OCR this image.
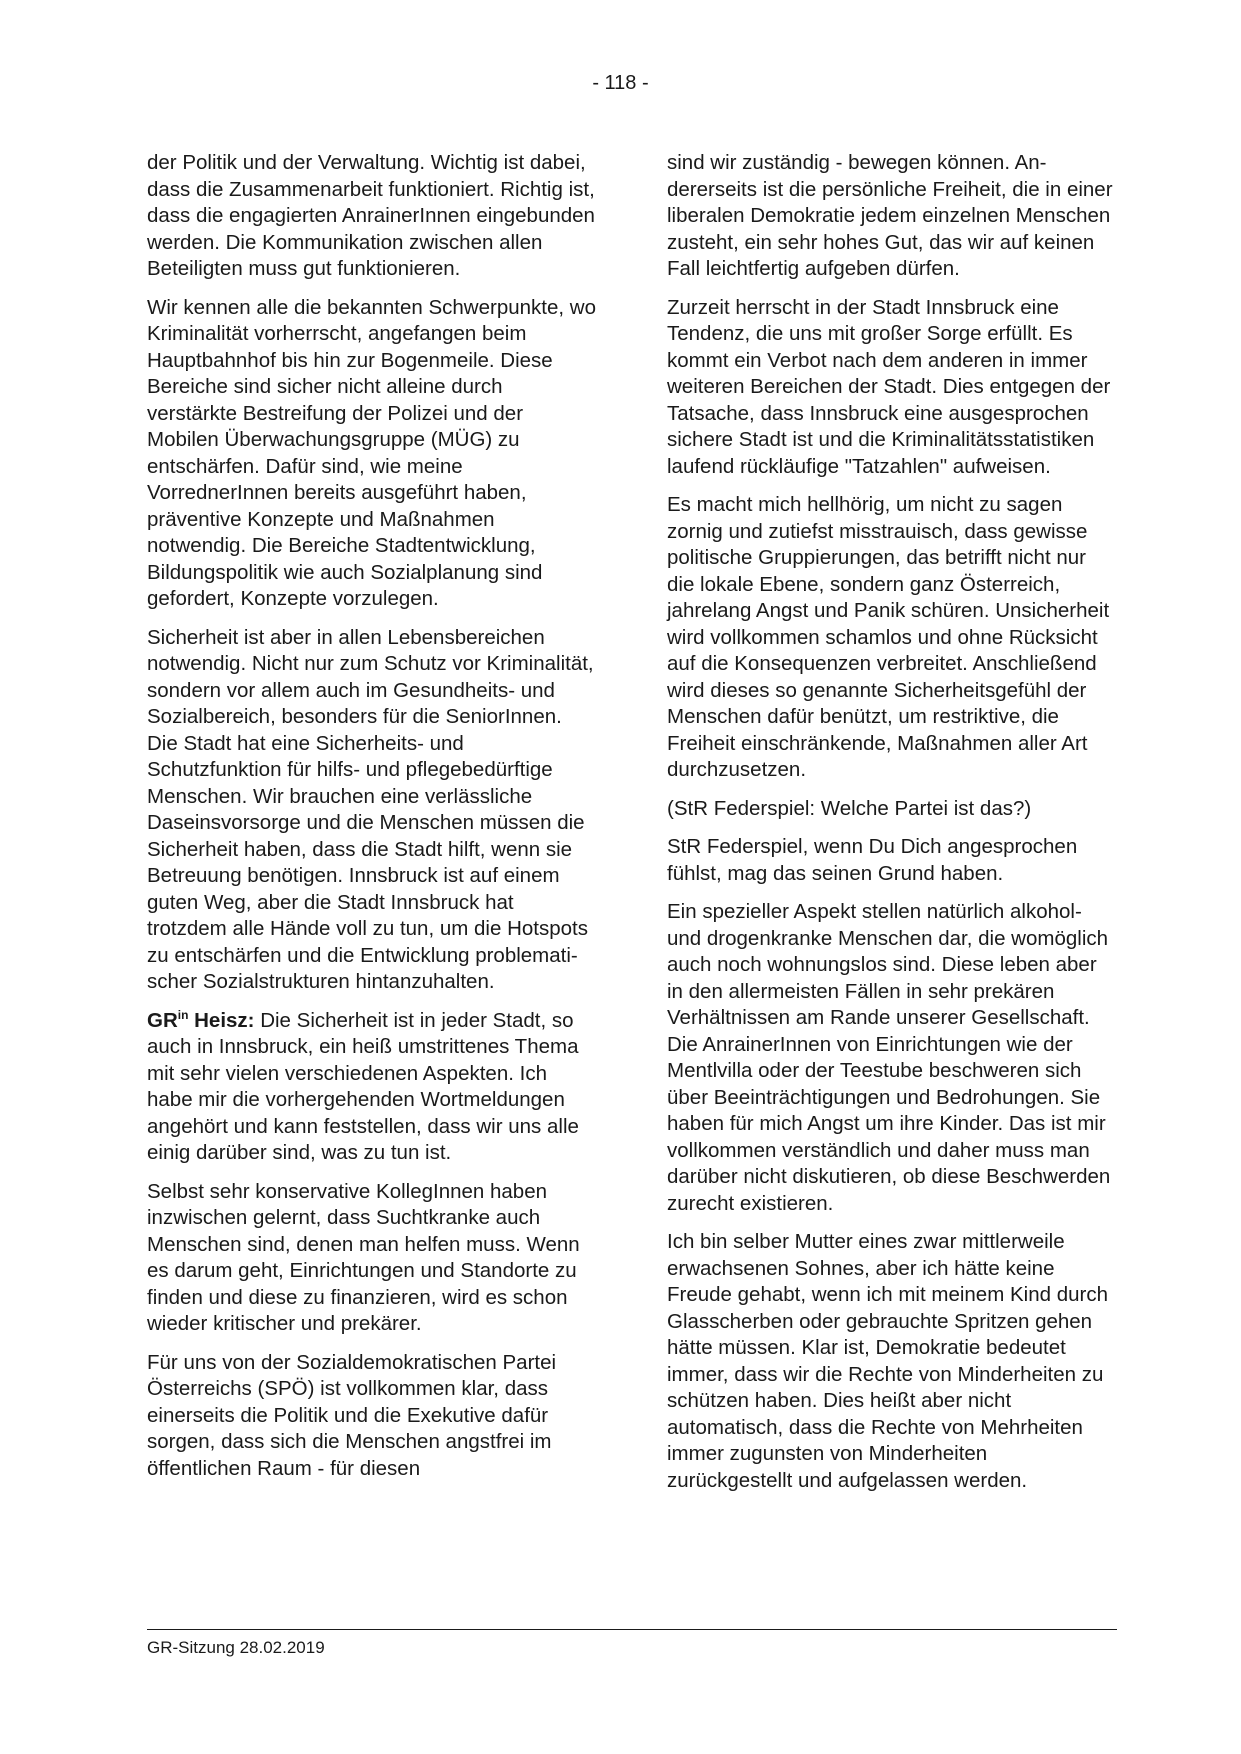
- 118 -

der Politik und der Verwaltung. Wichtig ist dabei, dass die Zusammenarbeit funktioniert. Richtig ist, dass die engagierten AnrainerInnen eingebunden werden. Die Kommunikation zwischen allen Beteiligten muss gut funktionieren.

Wir kennen alle die bekannten Schwerpunkte, wo Kriminalität vorherrscht, angefangen beim Hauptbahnhof bis hin zur Bogenmeile. Diese Bereiche sind sicher nicht alleine durch verstärkte Bestreifung der Polizei und der Mobilen Überwachungsgruppe (MÜG) zu entschärfen. Dafür sind, wie meine VorrednerInnen bereits ausgeführt haben, präventive Konzepte und Maßnahmen notwendig. Die Bereiche Stadtentwicklung, Bildungspolitik wie auch Sozialplanung sind gefordert, Konzepte vorzulegen.

Sicherheit ist aber in allen Lebensbereichen notwendig. Nicht nur zum Schutz vor Kriminalität, sondern vor allem auch im Gesundheits- und Sozialbereich, besonders für die SeniorInnen. Die Stadt hat eine Sicherheits- und Schutzfunktion für hilfs- und pflegebedürftige Menschen. Wir brauchen eine verlässliche Daseinsvorsorge und die Menschen müssen die Sicherheit haben, dass die Stadt hilft, wenn sie Betreuung benötigen. Innsbruck ist auf einem guten Weg, aber die Stadt Innsbruck hat trotzdem alle Hände voll zu tun, um die Hotspots zu entschärfen und die Entwicklung problematischer Sozialstrukturen hintanzuhalten.

$GR^{in}$ Heisz: Die Sicherheit ist in jeder Stadt, so auch in Innsbruck, ein heiß umstrittenes Thema mit sehr vielen verschiedenen Aspekten. Ich habe mir die vorhergehenden Wortmeldungen angehört und kann feststellen, dass wir uns alle einig darüber sind, was zu tun ist.

Selbst sehr konservative KollegInnen haben inzwischen gelernt, dass Suchtkranke auch Menschen sind, denen man helfen muss. Wenn es darum geht, Einrichtungen und Standorte zu finden und diese zu finanzieren, wird es schon wieder kritischer und prekärer.

Für uns von der Sozialdemokratischen Partei Österreichs (SPÖ) ist vollkommen klar, dass einerseits die Politik und die Exekutive dafür sorgen, dass sich die Menschen angstfrei im öffentlichen Raum - für diesen

sind wir zuständig - bewegen können. Andererseits ist die persönliche Freiheit, die in einer liberalen Demokratie jedem einzelnen Menschen zusteht, ein sehr hohes Gut, das wir auf keinen Fall leichtfertig aufgeben dürfen.

Zurzeit herrscht in der Stadt Innsbruck eine Tendenz, die uns mit großer Sorge erfüllt. Es kommt ein Verbot nach dem anderen in immer weiteren Bereichen der Stadt. Dies entgegen der Tatsache, dass Innsbruck eine ausgesprochen sichere Stadt ist und die Kriminalitätsstatistiken laufend rückläufige "Tatzahlen" aufweisen.

Es macht mich hellhörig, um nicht zu sagen zornig und zutiefst misstrauisch, dass gewisse politische Gruppierungen, das betrifft nicht nur die lokale Ebene, sondern ganz Österreich, jahrelang Angst und Panik schüren. Unsicherheit wird vollkommen schamlos und ohne Rücksicht auf die Konsequenzen verbreitet. Anschließend wird dieses so genannte Sicherheitsgefühl der Menschen dafür benützt, um restriktive, die Freiheit einschränkende, Maßnahmen aller Art durchzusetzen.

(StR Federspiel: Welche Partei ist das?)

StR Federspiel, wenn Du Dich angesprochen fühlst, mag das seinen Grund haben.

Ein spezieller Aspekt stellen natürlich alkohol- und drogenkranke Menschen dar, die womöglich auch noch wohnungslos sind. Diese leben aber in den allermeisten Fällen in sehr prekären Verhältnissen am Rande unserer Gesellschaft. Die AnrainerInnen von Einrichtungen wie der Mentlvilla oder der Teestube beschweren sich über Beeinträchtigungen und Bedrohungen. Sie haben für mich Angst um ihre Kinder. Das ist mir vollkommen verständlich und daher muss man darüber nicht diskutieren, ob diese Beschwerden zurecht existieren.

Ich bin selber Mutter eines zwar mittlerweile erwachsenen Sohnes, aber ich hätte keine Freude gehabt, wenn ich mit meinem Kind durch Glasscherben oder gebrauchte Spritzen gehen hätte müssen. Klar ist, Demokratie bedeutet immer, dass wir die Rechte von Minderheiten zu schützen haben. Dies heißt aber nicht automatisch, dass die Rechte von Mehrheiten immer zugunsten von Minderheiten zurückgestellt und aufgelassen werden.

GR-Sitzung 28.02.2019
